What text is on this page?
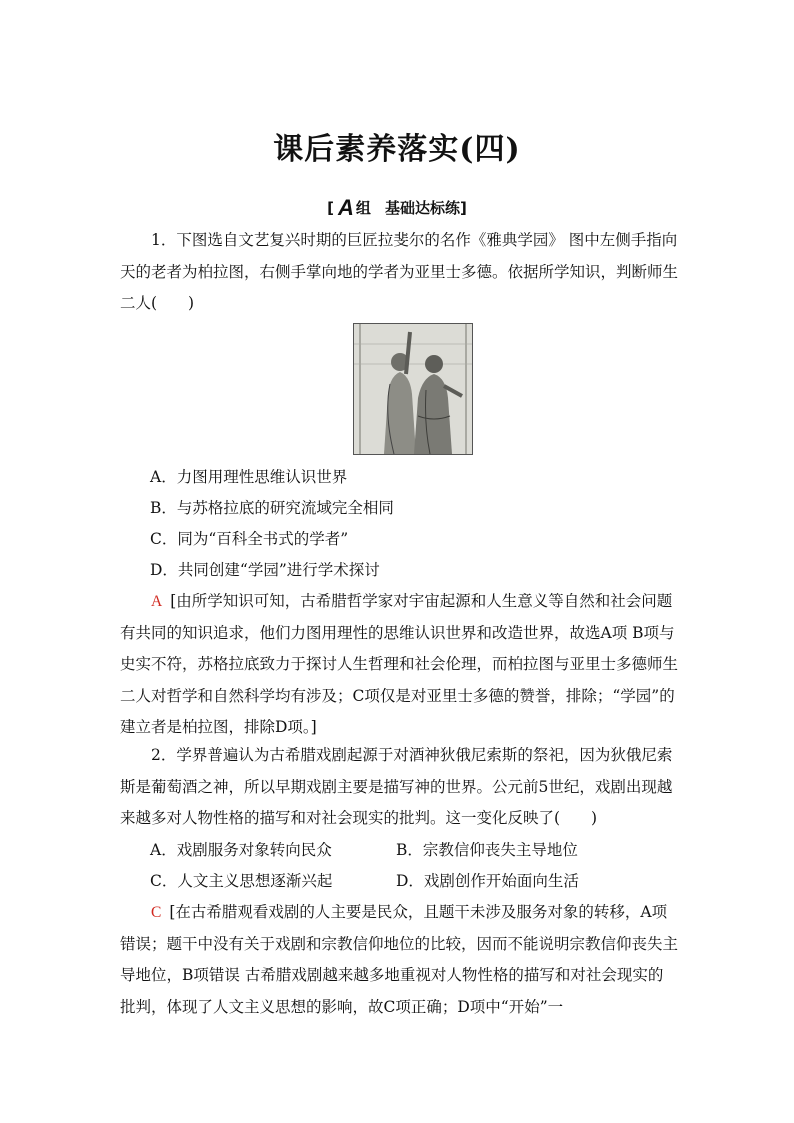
课后素养落实(四)
[ A 组 基础达标练]
1．下图选自文艺复兴时期的巨匠拉斐尔的名作《雅典学园》 图中左侧手指向天的老者为柏拉图，右侧手掌向地的学者为亚里士多德。依据所学知识，判断师生二人(　　)
A．力图用理性思维认识世界
B．与苏格拉底的研究流域完全相同
C．同为“百科全书式的学者”
D．共同创建“学园”进行学术探讨
A [由所学知识可知，古希腊哲学家对宇宙起源和人生意义等自然和社会问题有共同的知识追求，他们力图用理性的思维认识世界和改造世界，故选A项 B项与史实不符，苏格拉底致力于探讨人生哲理和社会伦理，而柏拉图与亚里士多德师生二人对哲学和自然科学均有涉及；C项仅是对亚里士多德的赞誉，排除；“学园”的建立者是柏拉图，排除D项。]
2．学界普遍认为古希腊戏剧起源于对酒神狄俄尼索斯的祭祀，因为狄俄尼索斯是葡萄酒之神，所以早期戏剧主要是描写神的世界。公元前5世纪，戏剧出现越来越多对人物性格的描写和对社会现实的批判。这一变化反映了(　　)
A．戏剧服务对象转向民众	B．宗教信仰丧失主导地位
C．人文主义思想逐渐兴起	D．戏剧创作开始面向生活
C [在古希腊观看戏剧的人主要是民众，且题干未涉及服务对象的转移，A项错误；题干中没有关于戏剧和宗教信仰地位的比较，因而不能说明宗教信仰丧失主导地位，B项错误 古希腊戏剧越来越多地重视对人物性格的描写和对社会现实的批判，体现了人文主义思想的影响，故C项正确；D项中“开始”一
